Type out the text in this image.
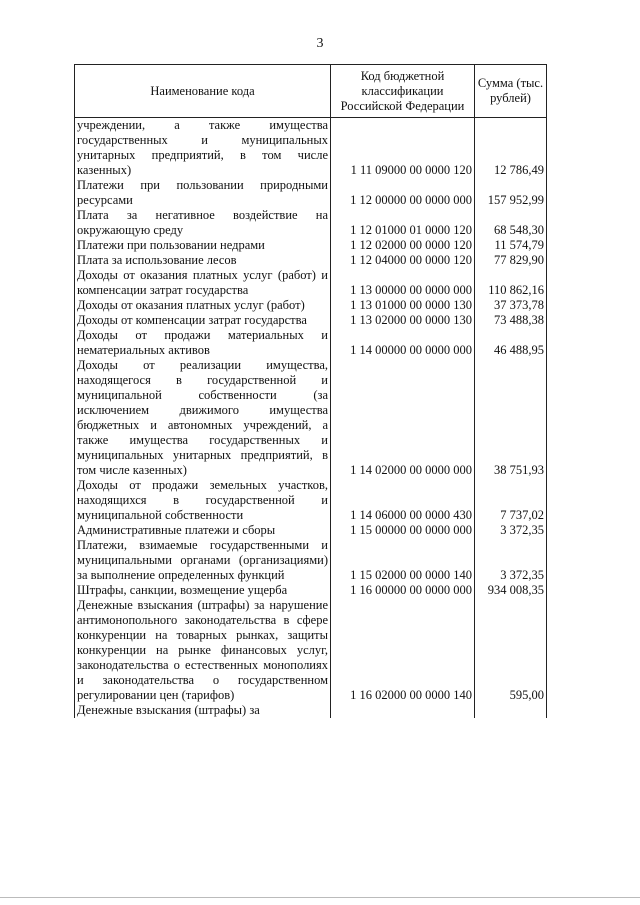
3
Наименование кода	Код бюджетной классификации Российской Федерации	Сумма (тыс. рублей)
учреждении, а также имущества государственных и муниципальных унитарных предприятий, в том числе казенных)	1 11 09000 00 0000 120	12 786,49
Платежи при пользовании природными ресурсами	1 12 00000 00 0000 000	157 952,99
Плата за негативное воздействие на окружающую среду	1 12 01000 01 0000 120	68 548,30
Платежи при пользовании недрами	1 12 02000 00 0000 120	11 574,79
Плата за использование лесов	1 12 04000 00 0000 120	77 829,90
Доходы от оказания платных услуг (работ) и компенсации затрат государства	1 13 00000 00 0000 000	110 862,16
Доходы от оказания платных услуг (работ)	1 13 01000 00 0000 130	37 373,78
Доходы от компенсации затрат государства	1 13 02000 00 0000 130	73 488,38
Доходы от продажи материальных и нематериальных активов	1 14 00000 00 0000 000	46 488,95
Доходы от реализации имущества, находящегося в государственной и муниципальной собственности (за исключением движимого имущества бюджетных и автономных учреждений, а также имущества государственных и муниципальных унитарных предприятий, в том числе казенных)	1 14 02000 00 0000 000	38 751,93
Доходы от продажи земельных участков, находящихся в государственной и муниципальной собственности	1 14 06000 00 0000 430	7 737,02
Административные платежи и сборы	1 15 00000 00 0000 000	3 372,35
Платежи, взимаемые государственными и муниципальными органами (организациями) за выполнение определенных функций	1 15 02000 00 0000 140	3 372,35
Штрафы, санкции, возмещение ущерба	1 16 00000 00 0000 000	934 008,35
Денежные взыскания (штрафы) за нарушение антимонопольного законодательства в сфере конкуренции на товарных рынках, защиты конкуренции на рынке финансовых услуг, законодательства о естественных монополиях и законодательства о государственном регулировании цен (тарифов)	1 16 02000 00 0000 140	595,00
Денежные взыскания (штрафы) за		
